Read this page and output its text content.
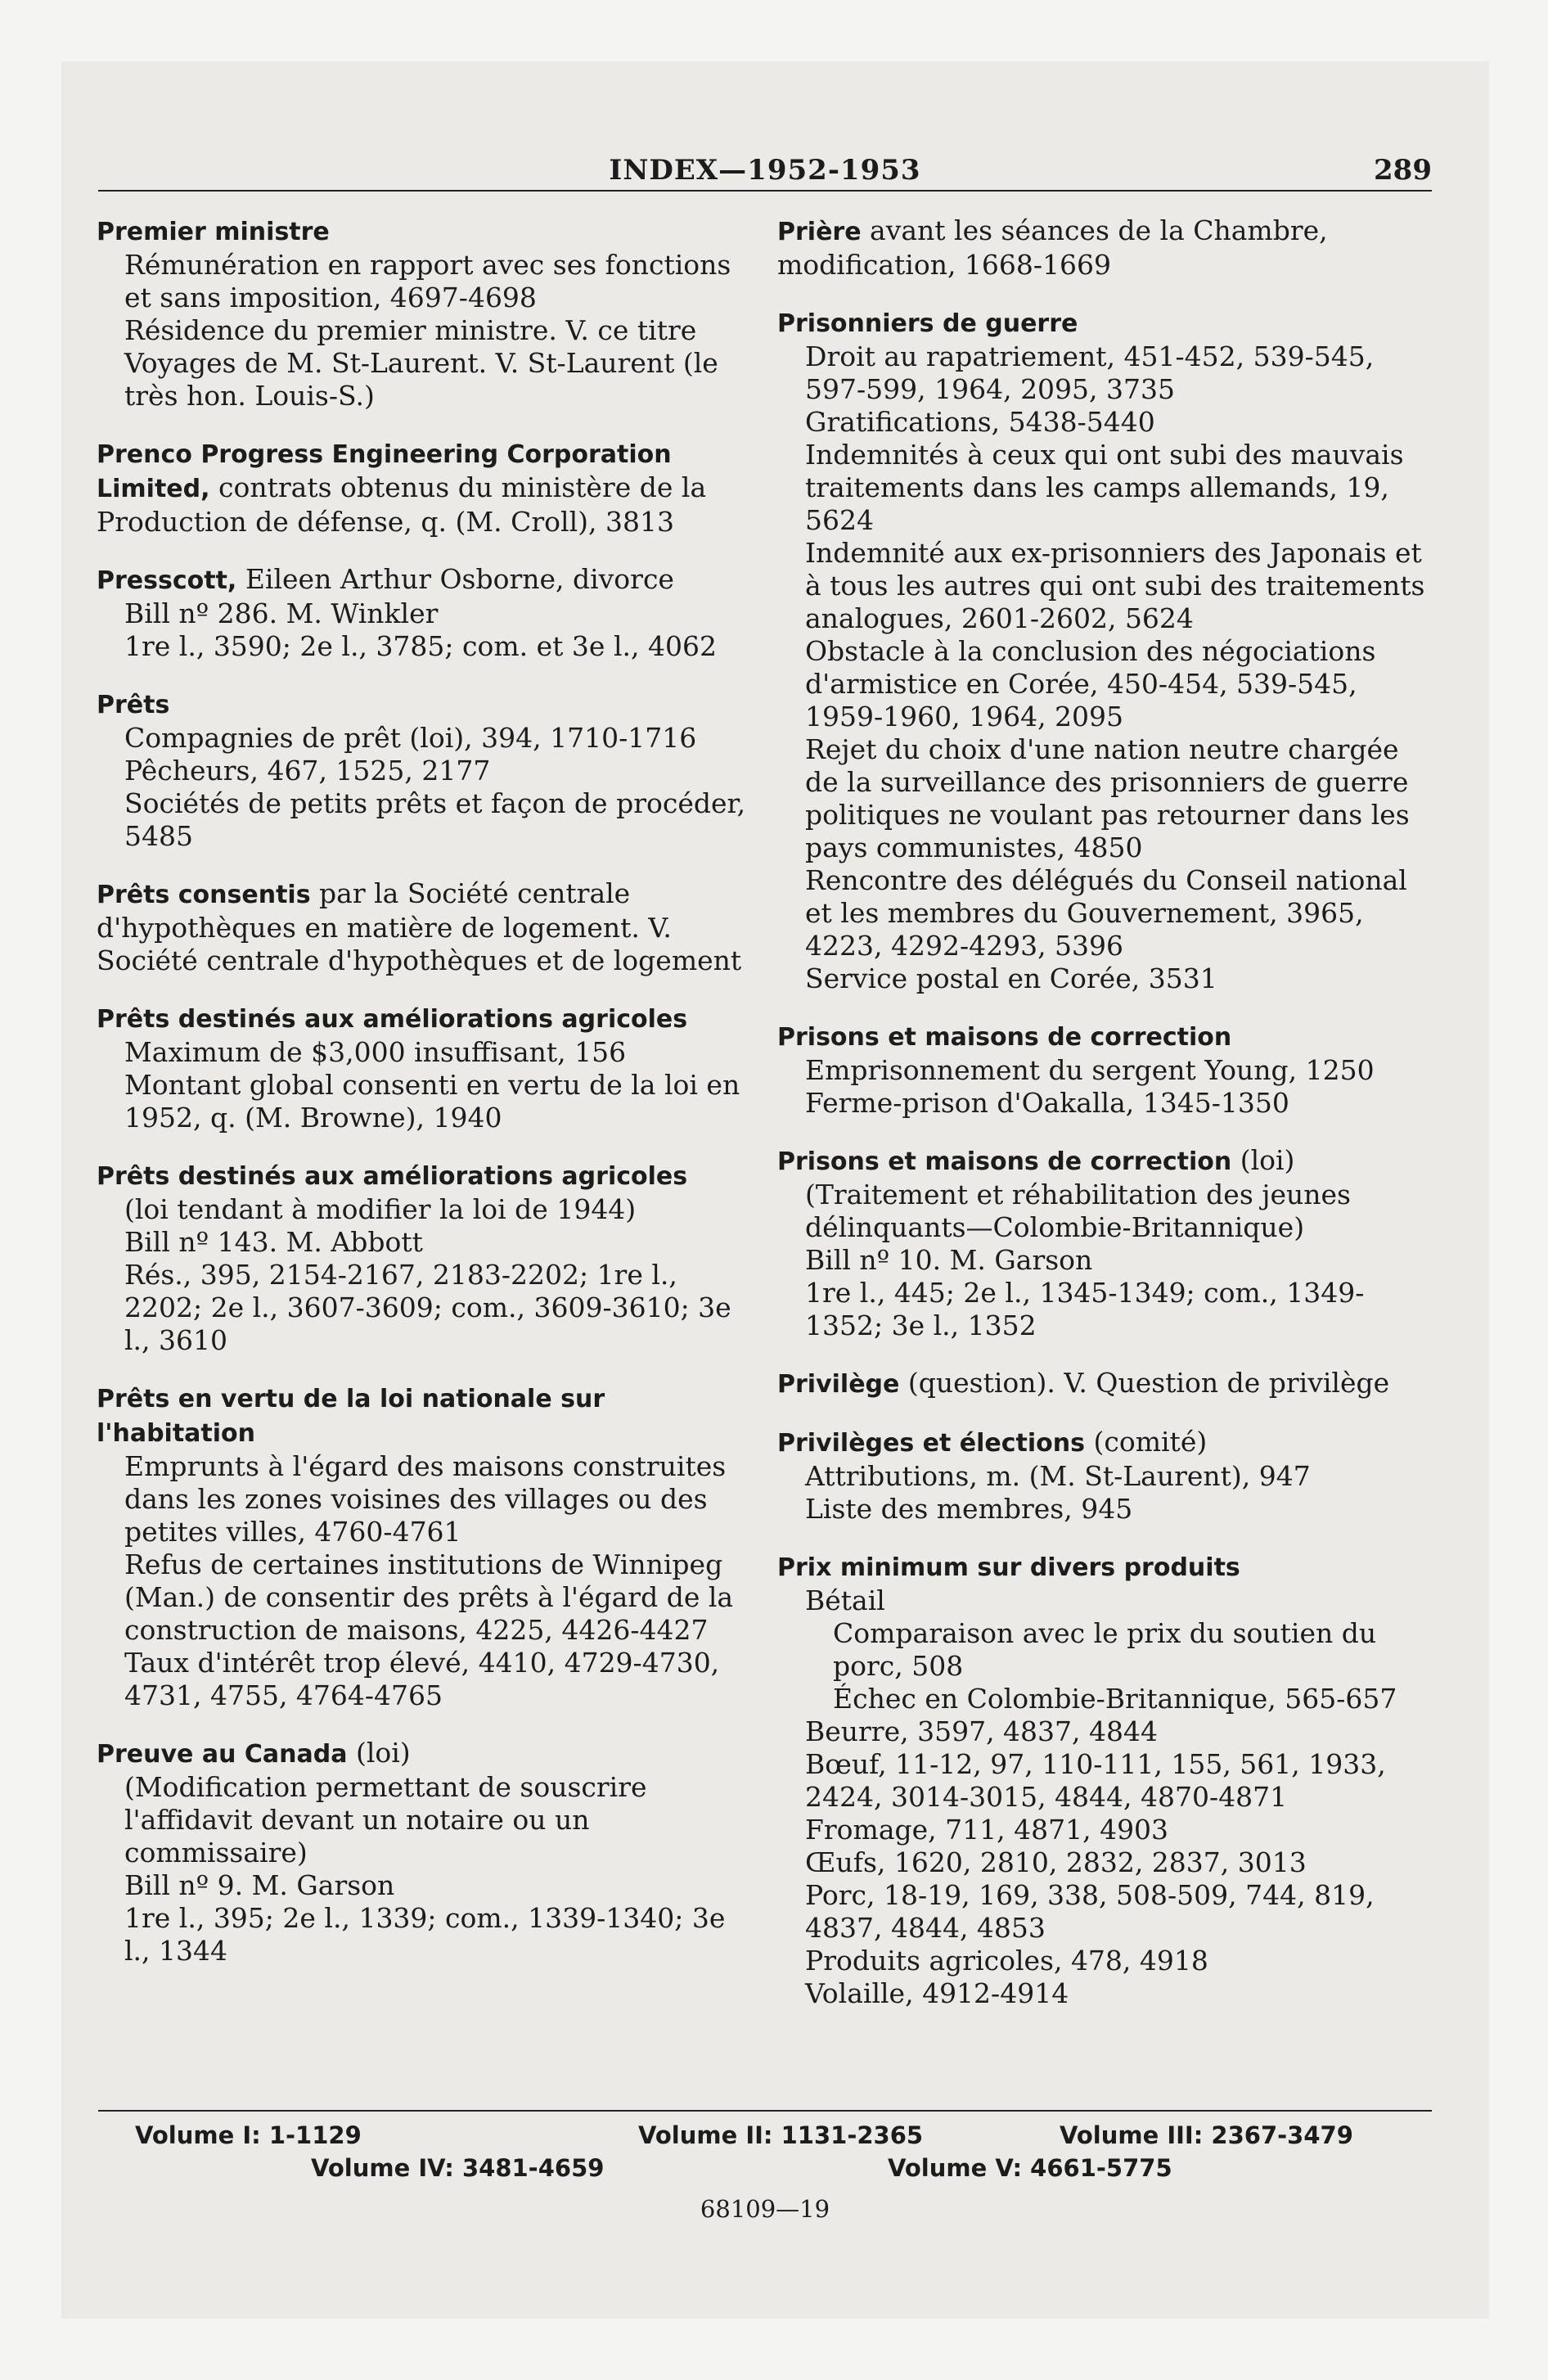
INDEX—1952-1953	289
Premier ministre
Rémunération en rapport avec ses fonctions et sans imposition, 4697-4698
Résidence du premier ministre. V. ce titre
Voyages de M. St-Laurent. V. St-Laurent (le très hon. Louis-S.)
Prenco Progress Engineering Corporation Limited, contrats obtenus du ministère de la Production de défense, q. (M. Croll), 3813
Presscott, Eileen Arthur Osborne, divorce
Bill nº 286. M. Winkler
1re l., 3590; 2e l., 3785; com. et 3e l., 4062
Prêts
Compagnies de prêt (loi), 394, 1710-1716
Pêcheurs, 467, 1525, 2177
Sociétés de petits prêts et façon de procéder, 5485
Prêts consentis par la Société centrale d'hypothèques en matière de logement. V. Société centrale d'hypothèques et de logement
Prêts destinés aux améliorations agricoles
Maximum de $3,000 insuffisant, 156
Montant global consenti en vertu de la loi en 1952, q. (M. Browne), 1940
Prêts destinés aux améliorations agricoles
(loi tendant à modifier la loi de 1944)
Bill nº 143. M. Abbott
Rés., 395, 2154-2167, 2183-2202; 1re l., 2202; 2e l., 3607-3609; com., 3609-3610; 3e l., 3610
Prêts en vertu de la loi nationale sur l'habitation
Emprunts à l'égard des maisons construites dans les zones voisines des villages ou des petites villes, 4760-4761
Refus de certaines institutions de Winnipeg (Man.) de consentir des prêts à l'égard de la construction de maisons, 4225, 4426-4427
Taux d'intérêt trop élevé, 4410, 4729-4730, 4731, 4755, 4764-4765
Preuve au Canada (loi)
(Modification permettant de souscrire l'affidavit devant un notaire ou un commissaire)
Bill nº 9. M. Garson
1re l., 395; 2e l., 1339; com., 1339-1340; 3e l., 1344
Prière avant les séances de la Chambre, modification, 1668-1669
Prisonniers de guerre
Droit au rapatriement, 451-452, 539-545, 597-599, 1964, 2095, 3735
Gratifications, 5438-5440
Indemnités à ceux qui ont subi des mauvais traitements dans les camps allemands, 19, 5624
Indemnité aux ex-prisonniers des Japonais et à tous les autres qui ont subi des traitements analogues, 2601-2602, 5624
Obstacle à la conclusion des négociations d'armistice en Corée, 450-454, 539-545, 1959-1960, 1964, 2095
Rejet du choix d'une nation neutre chargée de la surveillance des prisonniers de guerre politiques ne voulant pas retourner dans les pays communistes, 4850
Rencontre des délégués du Conseil national et les membres du Gouvernement, 3965, 4223, 4292-4293, 5396
Service postal en Corée, 3531
Prisons et maisons de correction
Emprisonnement du sergent Young, 1250
Ferme-prison d'Oakalla, 1345-1350
Prisons et maisons de correction (loi)
(Traitement et réhabilitation des jeunes délinquants—Colombie-Britannique)
Bill nº 10. M. Garson
1re l., 445; 2e l., 1345-1349; com., 1349-1352; 3e l., 1352
Privilège (question). V. Question de privilège
Privilèges et élections (comité)
Attributions, m. (M. St-Laurent), 947
Liste des membres, 945
Prix minimum sur divers produits
Bétail
Comparaison avec le prix du soutien du porc, 508
Échec en Colombie-Britannique, 565-657
Beurre, 3597, 4837, 4844
Bœuf, 11-12, 97, 110-111, 155, 561, 1933, 2424, 3014-3015, 4844, 4870-4871
Fromage, 711, 4871, 4903
Œufs, 1620, 2810, 2832, 2837, 3013
Porc, 18-19, 169, 338, 508-509, 744, 819, 4837, 4844, 4853
Produits agricoles, 478, 4918
Volaille, 4912-4914
Volume I: 1-1129	Volume II: 1131-2365	Volume III: 2367-3479
Volume IV: 3481-4659	Volume V: 4661-5775
68109—19
